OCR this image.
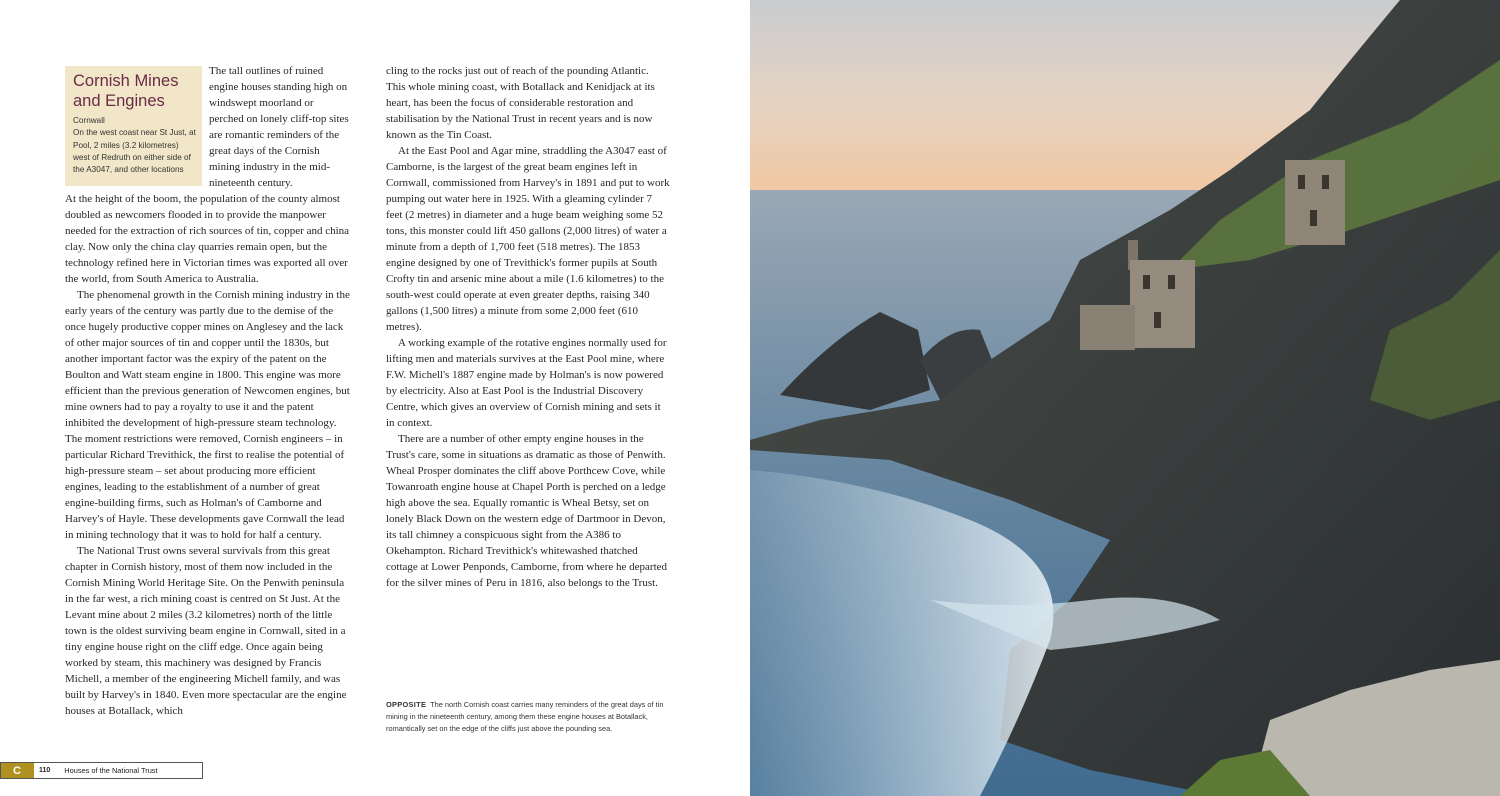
Cornish Mines
and Engines
Cornwall
On the west coast near St Just, at Pool, 2 miles (3.2 kilometres) west of Redruth on either side of the A3047, and other locations

The tall outlines of ruined engine houses standing high on windswept moorland or perched on lonely cliff-top sites are romantic reminders of the great days of the Cornish mining industry in the mid-nineteenth century.

At the height of the boom, the population of the county almost doubled as newcomers flooded in to provide the manpower needed for the extraction of rich sources of tin, copper and china clay. Now only the china clay quarries remain open, but the technology refined here in Victorian times was exported all over the world, from South America to Australia.

The phenomenal growth in the Cornish mining industry in the early years of the century was partly due to the demise of the once hugely productive copper mines on Anglesey and the lack of other major sources of tin and copper until the 1830s, but another important factor was the expiry of the patent on the Boulton and Watt steam engine in 1800. This engine was more efficient than the previous generation of Newcomen engines, but mine owners had to pay a royalty to use it and the patent inhibited the development of high-pressure steam technology. The moment restrictions were removed, Cornish engineers – in particular Richard Trevithick, the first to realise the potential of high-pressure steam – set about producing more efficient engines, leading to the establishment of a number of great engine-building firms, such as Holman's of Camborne and Harvey's of Hayle. These developments gave Cornwall the lead in mining technology that it was to hold for half a century.

The National Trust owns several survivals from this great chapter in Cornish history, most of them now included in the Cornish Mining World Heritage Site. On the Penwith peninsula in the far west, a rich mining coast is centred on St Just. At the Levant mine about 2 miles (3.2 kilometres) north of the little town is the oldest surviving beam engine in Cornwall, sited in a tiny engine house right on the cliff edge. Once again being worked by steam, this machinery was designed by Francis Michell, a member of the engineering Michell family, and was built by Harvey's in 1840. Even more spectacular are the engine houses at Botallack, which

cling to the rocks just out of reach of the pounding Atlantic. This whole mining coast, with Botallack and Kenidjack at its heart, has been the focus of considerable restoration and stabilisation by the National Trust in recent years and is now known as the Tin Coast.

At the East Pool and Agar mine, straddling the A3047 east of Camborne, is the largest of the great beam engines left in Cornwall, commissioned from Harvey's in 1891 and put to work pumping out water here in 1925. With a gleaming cylinder 7 feet (2 metres) in diameter and a huge beam weighing some 52 tons, this monster could lift 450 gallons (2,000 litres) of water a minute from a depth of 1,700 feet (518 metres). The 1853 engine designed by one of Trevithick's former pupils at South Crofty tin and arsenic mine about a mile (1.6 kilometres) to the south-west could operate at even greater depths, raising 340 gallons (1,500 litres) a minute from some 2,000 feet (610 metres).

A working example of the rotative engines normally used for lifting men and materials survives at the East Pool mine, where F.W. Michell's 1887 engine made by Holman's is now powered by electricity. Also at East Pool is the Industrial Discovery Centre, which gives an overview of Cornish mining and sets it in context.

There are a number of other empty engine houses in the Trust's care, some in situations as dramatic as those of Penwith. Wheal Prosper dominates the cliff above Porthcew Cove, while Towanroath engine house at Chapel Porth is perched on a ledge high above the sea. Equally romantic is Wheal Betsy, set on lonely Black Down on the western edge of Dartmoor in Devon, its tall chimney a conspicuous sight from the A386 to Okehampton. Richard Trevithick's whitewashed thatched cottage at Lower Penponds, Camborne, from where he departed for the silver mines of Peru in 1816, also belongs to the Trust.

OPPOSITE The north Cornish coast carries many reminders of the great days of tin mining in the nineteenth century, among them these engine houses at Botallack, romantically set on the edge of the cliffs just above the pounding sea.
C	110 Houses of the National Trust
